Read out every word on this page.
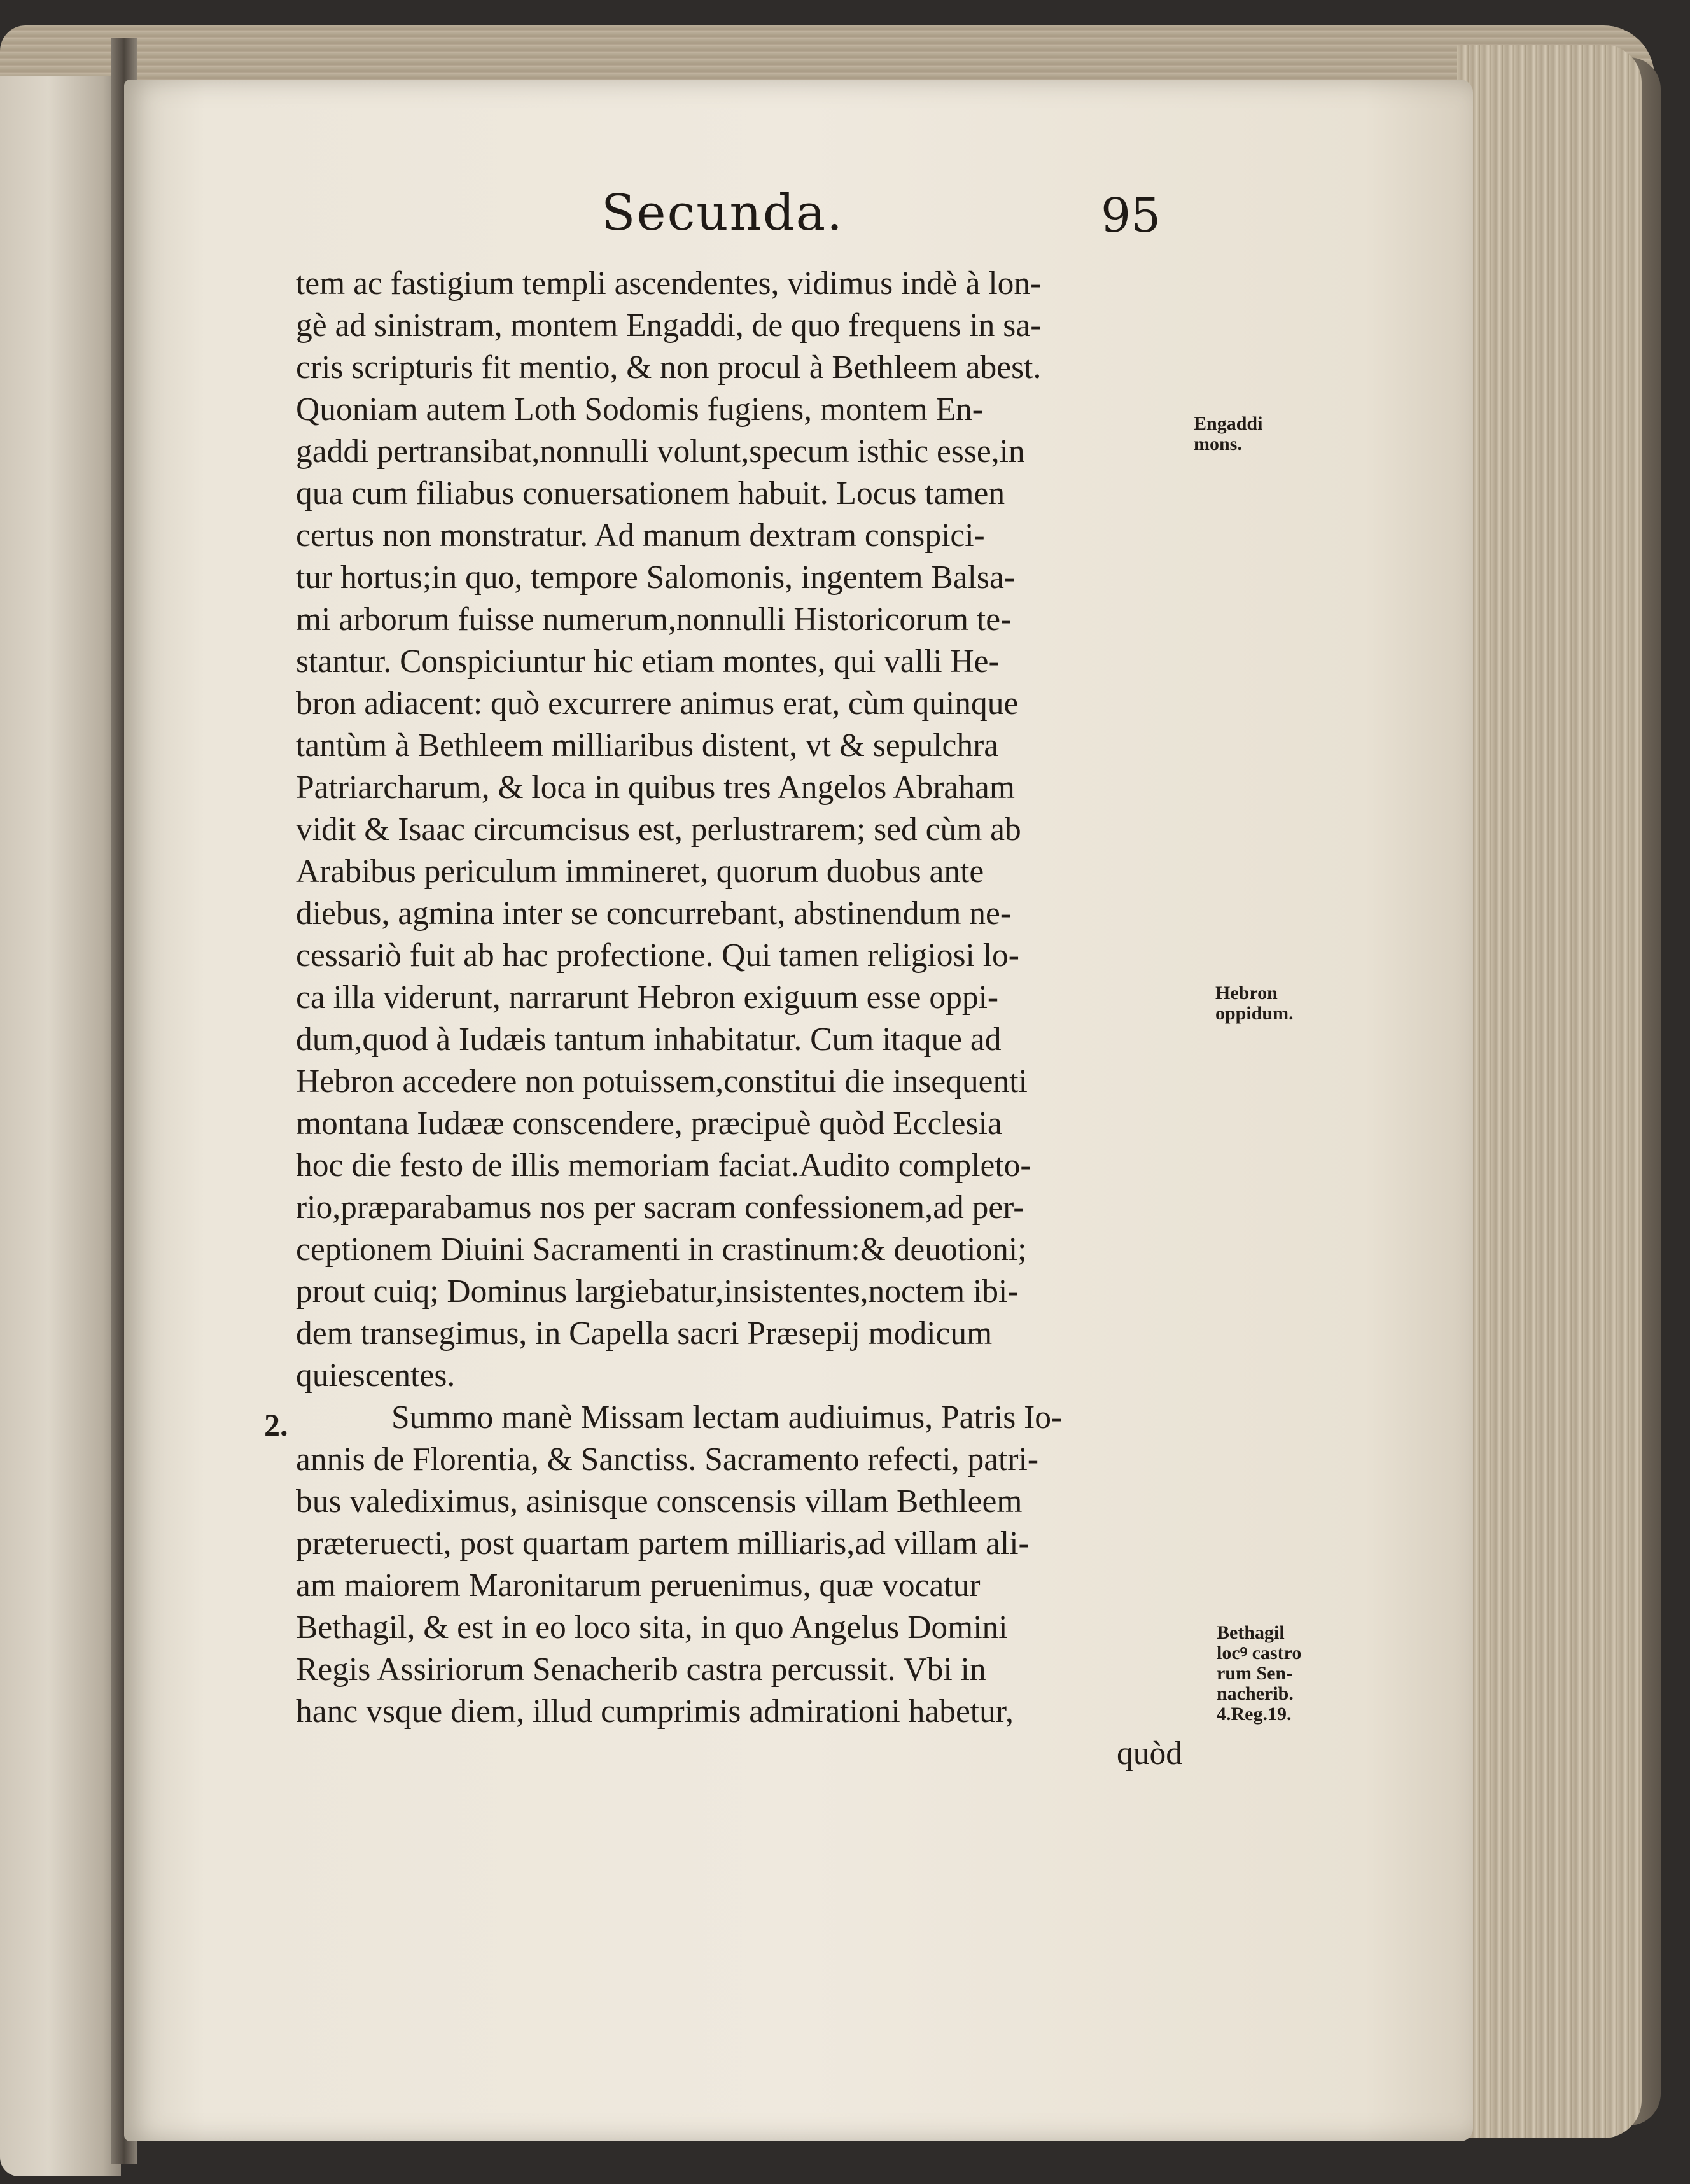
Secunda.	95
tem ac fastigium templi ascendentes, vidimus indè à lon-
gè ad sinistram, montem Engaddi, de quo frequens in sa-
cris scripturis fit mentio, & non procul à Bethleem abest.
Quoniam autem Loth Sodomis fugiens, montem En-
gaddi pertransibat,nonnulli volunt,specum isthic esse,in
qua cum filiabus conuersationem habuit. Locus tamen
certus non monstratur. Ad manum dextram conspici-
tur hortus;in quo, tempore Salomonis, ingentem Balsa-
mi arborum fuisse numerum,nonnulli Historicorum te-
stantur. Conspiciuntur hic etiam montes, qui valli He-
bron adiacent: quò excurrere animus erat, cùm quinque
tantùm à Bethleem milliaribus distent, vt & sepulchra
Patriarcharum, & loca in quibus tres Angelos Abraham
vidit & Isaac circumcisus est, perlustrarem; sed cùm ab
Arabibus periculum immineret, quorum duobus ante
diebus, agmina inter se concurrebant, abstinendum ne-
cessariò fuit ab hac profectione. Qui tamen religiosi lo-
ca illa viderunt, narrarunt Hebron exiguum esse oppi-
dum,quod à Iudæis tantum inhabitatur. Cum itaque ad
Hebron accedere non potuissem,constitui die insequenti
montana Iudææ conscendere, præcipuè quòd Ecclesia
hoc die festo de illis memoriam faciat.Audito completo-
rio,præparabamus nos per sacram confessionem,ad per-
ceptionem Diuini Sacramenti in crastinum:& deuotioni;
prout cuiq; Dominus largiebatur,insistentes,noctem ibi-
dem transegimus, in Capella sacri Præsepij modicum
quiescentes.
Summo manè Missam lectam audiuimus, Patris Io-
annis de Florentia, & Sanctiss. Sacramento refecti, patri-
bus valediximus, asinisque conscensis villam Bethleem
præteruecti, post quartam partem milliaris,ad villam ali-
am maiorem Maronitarum peruenimus, quæ vocatur
Bethagil, & est in eo loco sita, in quo Angelus Domini
Regis Assiriorum Senacherib castra percussit. Vbi in
hanc vsque diem, illud cumprimis admirationi habetur,
2.
quòd
Engaddi
mons.
Hebron
oppidum.
Bethagil
locꝰ castro
rum Sen-
nacherib.
4.Reg.19.
